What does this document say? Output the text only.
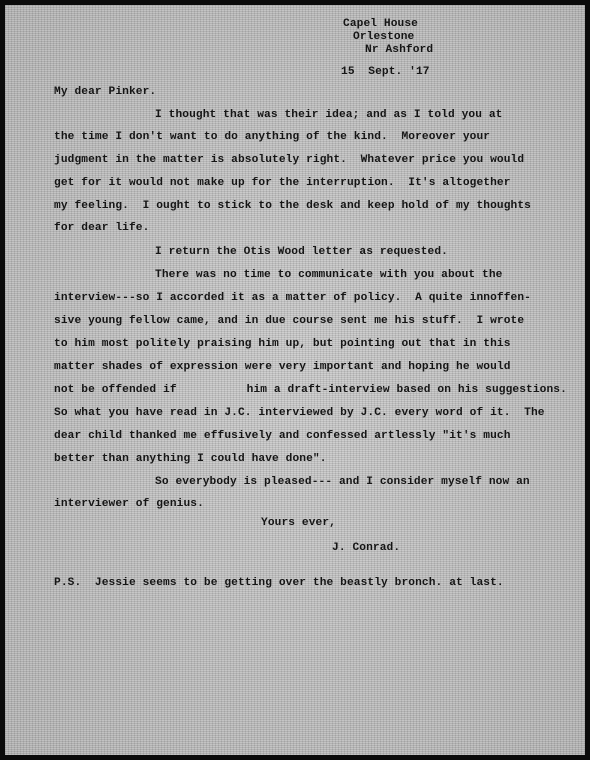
Capel House
Orlestone
Nr Ashford
15  Sept. '17
My dear Pinker.
I thought that was their idea; and as I told you at
the time I don't want to do anything of the kind.  Moreover your
judgment in the matter is absolutely right.  Whatever price you would
get for it would not make up for the interruption.  It's altogether
my feeling.  I ought to stick to the desk and keep hold of my thoughts
for dear life.
I return the Otis Wood letter as requested.
There was no time to communicate with you about the
interview---so I accorded it as a matter of policy.  A quite innoffen-
sive young fellow came, and in due course sent me his stuff.  I wrote
to him most politely praising him up, but pointing out that in this
matter shades of expression were very important and hoping he would
not be offended if	him a draft-interview based on his suggestions.
So what you have read in J.C. interviewed by J.C. every word of it.  The
dear child thanked me effusively and confessed artlessly "it's much
better than anything I could have done".
So everybody is pleased--- and I consider myself now an
interviewer of genius.
Yours ever,
J. Conrad.
P.S.  Jessie seems to be getting over the beastly bronch. at last.
